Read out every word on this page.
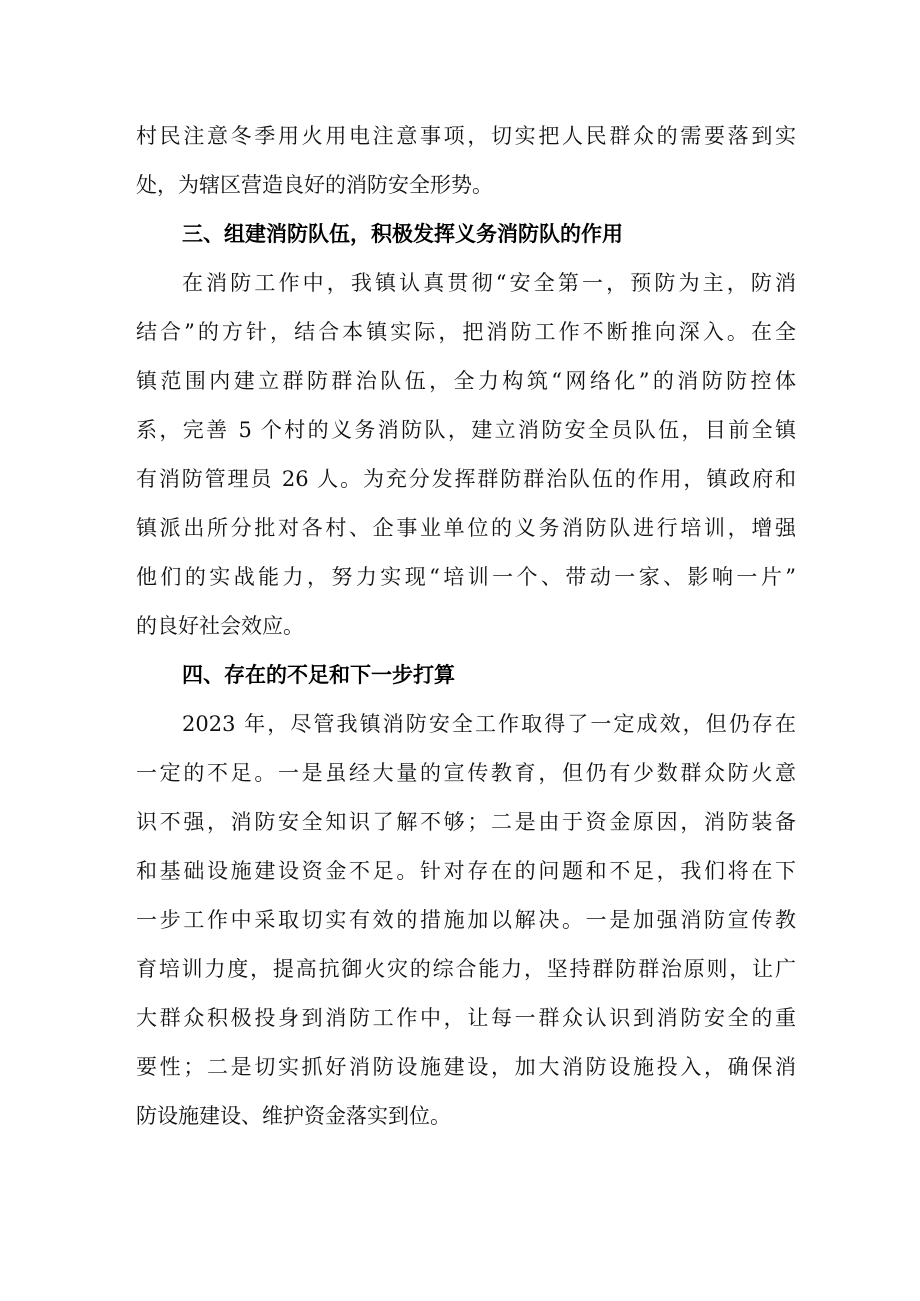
村民注意冬季用火用电注意事项，切实把人民群众的需要落到实
处，为辖区营造良好的消防安全形势。
三、组建消防队伍，积极发挥义务消防队的作用
在消防工作中，我镇认真贯彻“安全第一，预防为主，防消
结合”的方针，结合本镇实际，把消防工作不断推向深入。在全
镇范围内建立群防群治队伍，全力构筑“网络化”的消防防控体
系，完善 5 个村的义务消防队，建立消防安全员队伍，目前全镇
有消防管理员 26 人。为充分发挥群防群治队伍的作用，镇政府和
镇派出所分批对各村、企事业单位的义务消防队进行培训，增强
他们的实战能力，努力实现“培训一个、带动一家、影响一片”
的良好社会效应。
四、存在的不足和下一步打算
2023 年，尽管我镇消防安全工作取得了一定成效，但仍存在
一定的不足。一是虽经大量的宣传教育，但仍有少数群众防火意
识不强，消防安全知识了解不够；二是由于资金原因，消防装备
和基础设施建设资金不足。针对存在的问题和不足，我们将在下
一步工作中采取切实有效的措施加以解决。一是加强消防宣传教
育培训力度，提高抗御火灾的综合能力，坚持群防群治原则，让广
大群众积极投身到消防工作中，让每一群众认识到消防安全的重
要性；二是切实抓好消防设施建设，加大消防设施投入，确保消
防设施建设、维护资金落实到位。
